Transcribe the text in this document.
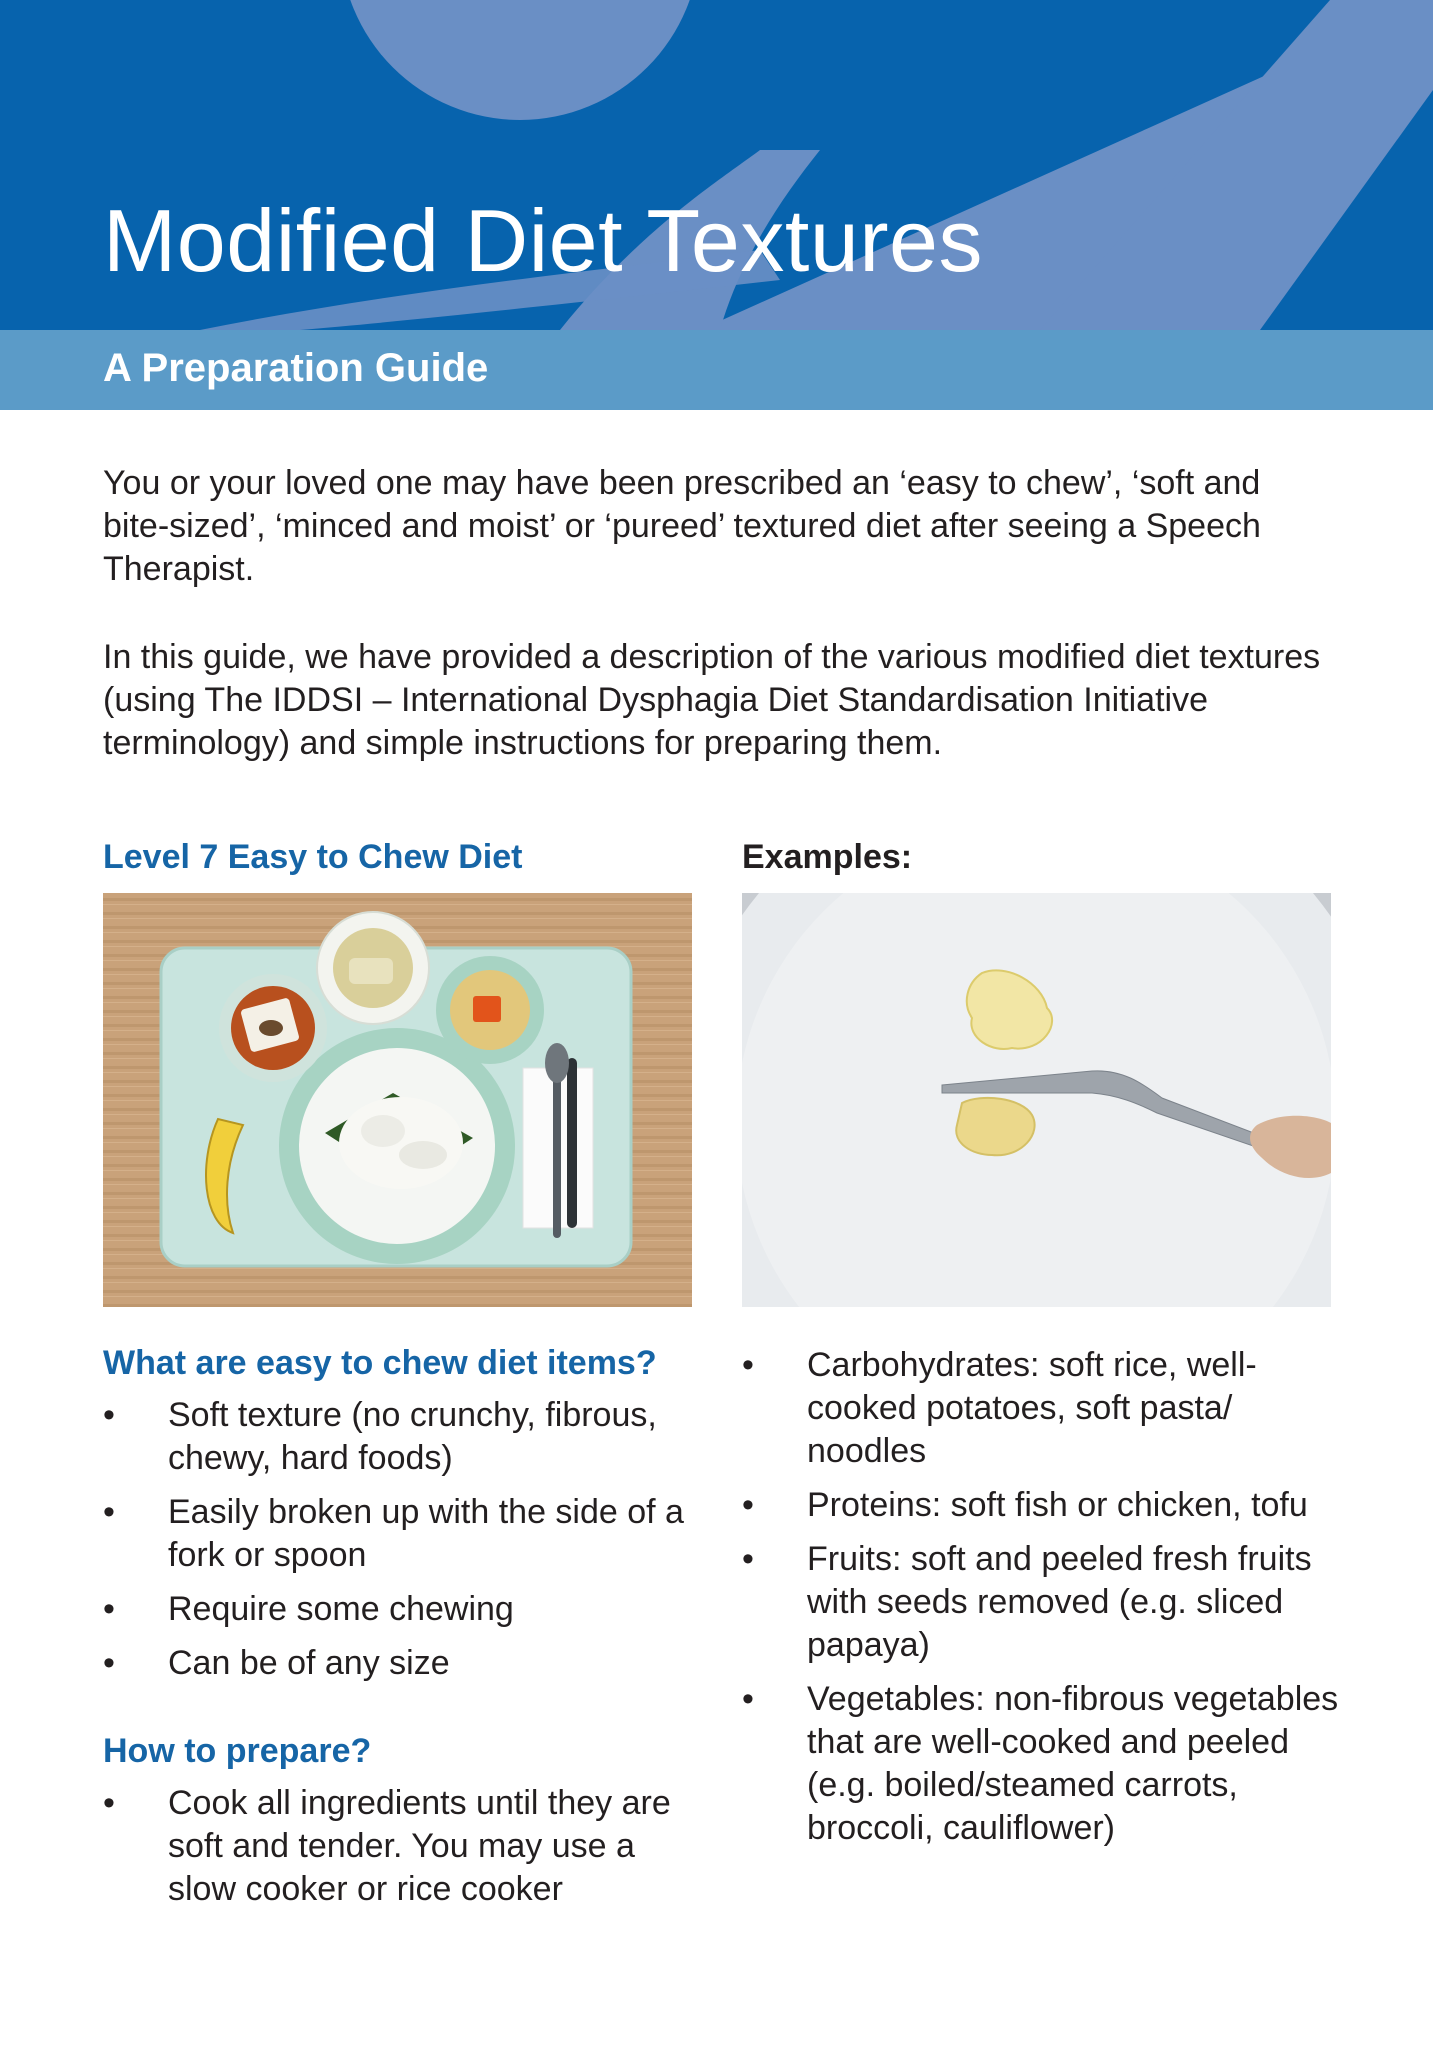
Modified Diet Textures
A Preparation Guide

You or your loved one may have been prescribed an ‘easy to chew’, ‘soft and bite-sized’, ‘minced and moist’ or ‘pureed’ textured diet after seeing a Speech Therapist.

In this guide, we have provided a description of the various modified diet textures (using The IDDSI – International Dysphagia Diet Standardisation Initiative terminology) and simple instructions for preparing them.

Level 7 Easy to Chew Diet	Examples:
What are easy to chew diet items?
• Soft texture (no crunchy, fibrous, chewy, hard foods)
• Easily broken up with the side of a fork or spoon
• Require some chewing
• Can be of any size
How to prepare?
• Cook all ingredients until they are soft and tender. You may use a slow cooker or rice cooker
• Carbohydrates: soft rice, well-cooked potatoes, soft pasta/ noodles
• Proteins: soft fish or chicken, tofu
• Fruits: soft and peeled fresh fruits with seeds removed (e.g. sliced papaya)
• Vegetables: non-fibrous vegetables that are well-cooked and peeled (e.g. boiled/steamed carrots, broccoli, cauliflower)
